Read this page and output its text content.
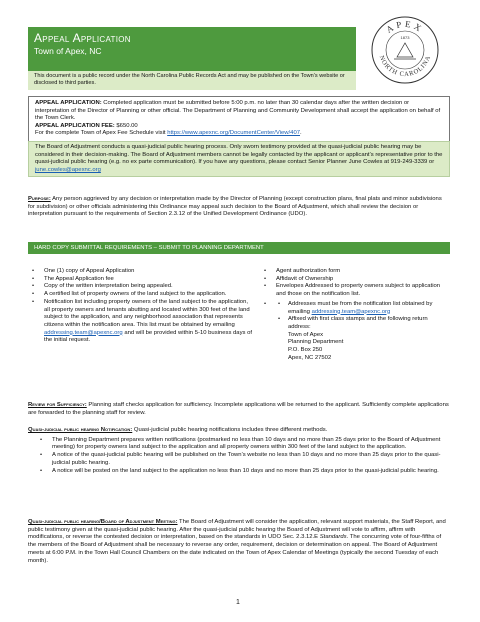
Appeal Application
Town of Apex, NC
APEX
NORTH CAROLINA
1873
This document is a public record under the North Carolina Public Records Act and may be published on the Town’s website or disclosed to third parties.
APPEAL APPLICATION: Completed application must be submitted before 5:00 p.m. no later than 30 calendar days after the written decision or interpretation of the Director of Planning or other official. The Department of Planning and Community Development shall accept the application on behalf of the Town Clerk.
APPEAL APPLICATION FEE: $650.00
For the complete Town of Apex Fee Schedule visit https://www.apexnc.org/DocumentCenter/View/407.
The Board of Adjustment conducts a quasi-judicial public hearing process. Only sworn testimony provided at the quasi-judicial public hearing may be considered in their decision-making. The Board of Adjustment members cannot be legally contacted by the applicant or applicant’s representative prior to the quasi-judicial public hearing (e.g. no ex parte communication). If you have any questions, please contact Senior Planner June Cowles at 919-249-3339 or
june.cowles@apexnc.org
Purpose: Any person aggrieved by any decision or interpretation made by the Director of Planning (except construction plans, final plats and minor subdivisions for subdivision) or other officials administering this Ordinance may appeal such decision to the Board of Adjustment, which shall review the decision or interpretation pursuant to the requirements of Section 2.3.12 of the Unified Development Ordinance (UDO).
HARD COPY SUBMITTAL REQUIREMENTS – SUBMIT TO PLANNING DEPARTMENT
• One (1) copy of Appeal Application
• The Appeal Application fee
• Copy of the written interpretation being appealed.
• A certified list of property owners of the land subject to the application.
• Notification list including property owners of the land subject to the application, all property owners and tenants abutting and located within 300 feet of the land subject to the application, and any neighborhood association that represents citizens within the notification area. This list must be obtained by emailing
addressing.team@apexnc.org and will be provided within 5-10 business days of the initial request.
• Agent authorization form
• Affidavit of Ownership
• Envelopes Addressed to property owners subject to application and those on the notification list.
• • Addresses must be from the notification list obtained by emailing addressing.team@apexnc.org
• Affixed with first class stamps and the following return address:
Town of Apex
Planning Department
P.O. Box 250
Apex, NC 27502
Review for Sufficiency: Planning staff checks application for sufficiency. Incomplete applications will be returned to the applicant. Sufficiently complete applications are forwarded to the planning staff for review.
Quasi-judicial public hearing Notification: Quasi-judicial public hearing notifications includes three different methods.
• The Planning Department prepares written notifications (postmarked no less than 10 days and no more than 25 days prior to the Board of Adjustment meeting) for property owners land subject to the application and all property owners within 300 feet of the land subject to the application.
• A notice of the quasi-judicial public hearing will be published on the Town’s website no less than 10 days and no more than 25 days prior to the quasi-judicial public hearing.
• A notice will be posted on the land subject to the application no less than 10 days and no more than 25 days prior to the quasi-judicial public hearing.
Quasi-judicial public hearing/Board of Adjustment Meeting: The Board of Adjustment will consider the application, relevant support materials, the Staff Report, and public testimony given at the quasi-judicial public hearing. After the quasi-judicial public hearing the Board of Adjustment will vote to affirm, affirm with modifications, or reverse the contested decision or interpretation, based on the standards in UDO Sec. 2.3.12.E Standards. The concurring vote of four-fifths of the members of the Board of Adjustment shall be necessary to reverse any order, requirement, decision or determination on appeal. The Board of Adjustment meets at 6:00 P.M. in the Town Hall Council Chambers on the date indicated on the Town of Apex Calendar of Meetings (typically the second Tuesday of each month).
1
